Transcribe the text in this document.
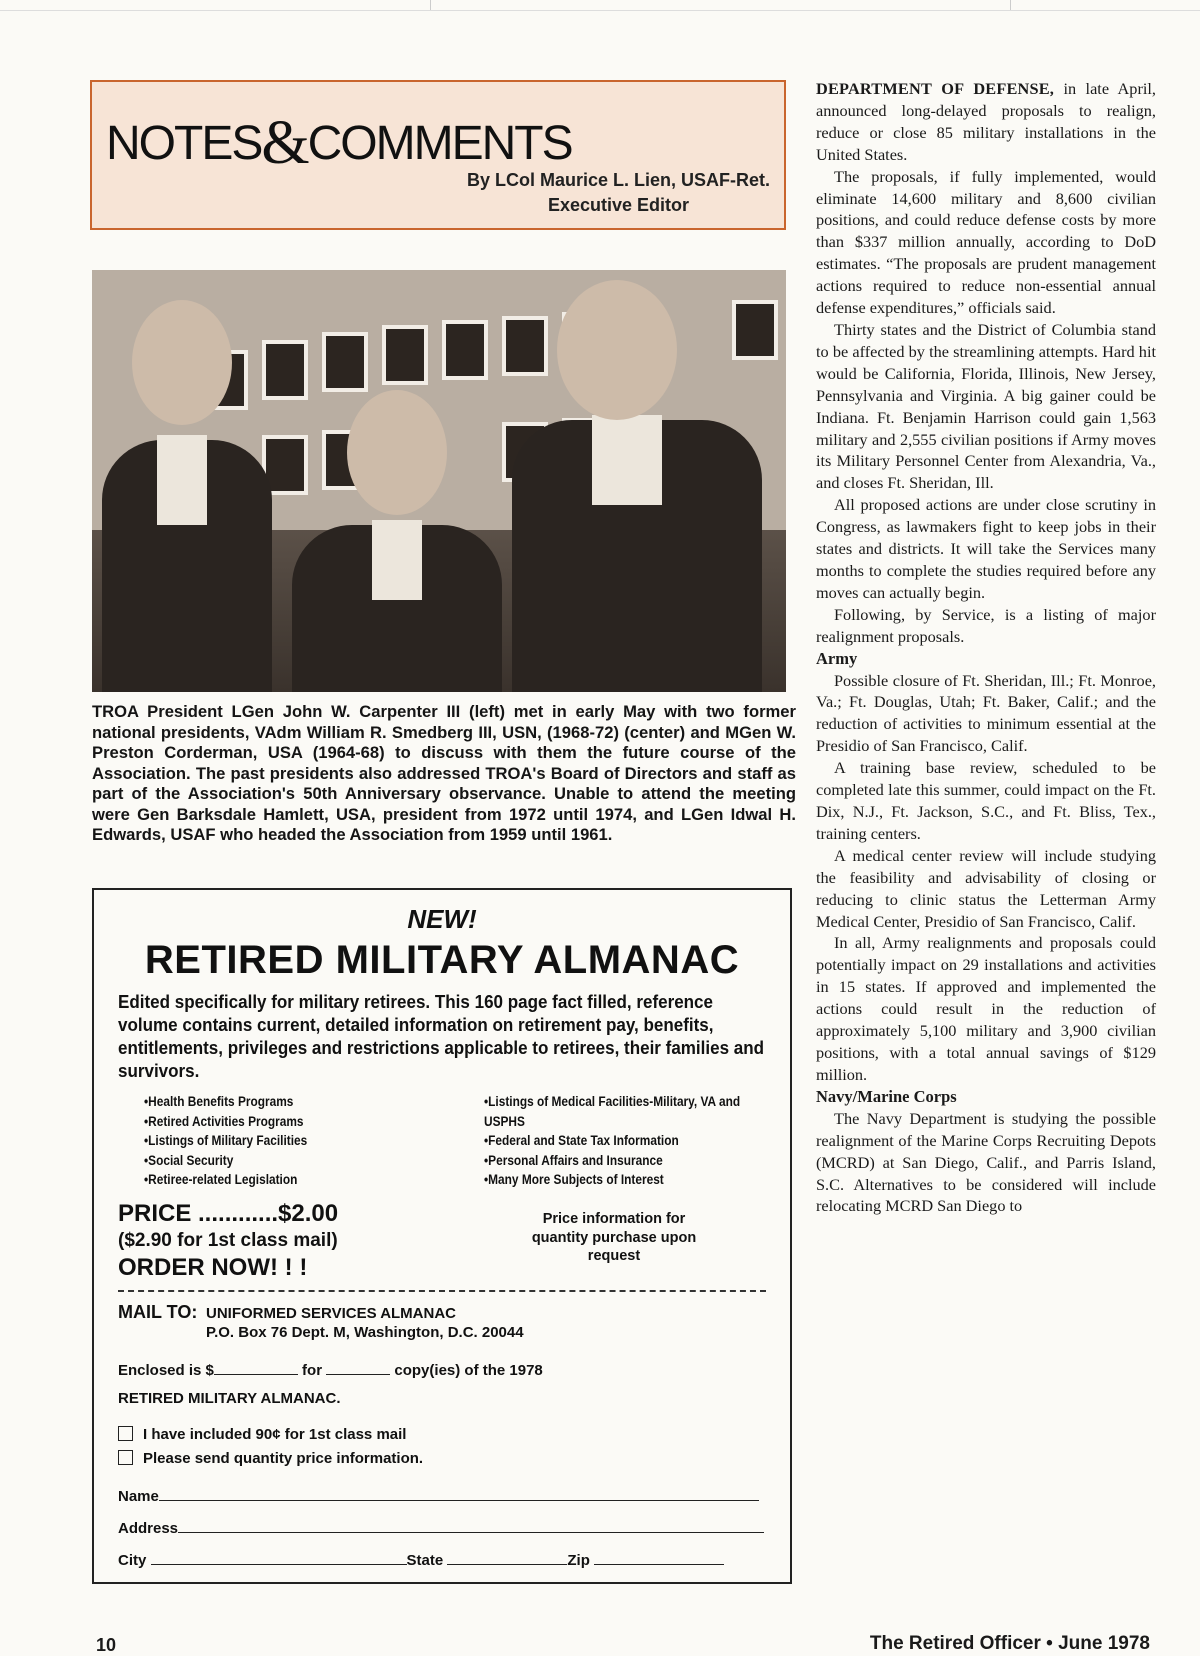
NOTES&COMMENTS
By LCol Maurice L. Lien, USAF-Ret.
Executive Editor
TROA President LGen John W. Carpenter III (left) met in early May with two former national presidents, VAdm William R. Smedberg III, USN, (1968-72) (center) and MGen W. Preston Corderman, USA (1964-68) to discuss with them the future course of the Association. The past presidents also addressed TROA's Board of Directors and staff as part of the Association's 50th Anniversary observance. Unable to attend the meeting were Gen Barksdale Hamlett, USA, president from 1972 until 1974, and LGen Idwal H. Edwards, USAF who headed the Association from 1959 until 1961.
NEW!
RETIRED MILITARY ALMANAC
Edited specifically for military retirees. This 160 page fact filled, reference volume contains current, detailed information on retirement pay, benefits, entitlements, privileges and restrictions applicable to retirees, their families and survivors.
• Health Benefits Programs
• Retired Activities Programs
• Listings of Military Facilities
• Social Security
• Retiree-related Legislation
• Listings of Medical Facilities-Military, VA and USPHS
• Federal and State Tax Information
• Personal Affairs and Insurance
• Many More Subjects of Interest
PRICE ............$2.00
($2.90 for 1st class mail)
ORDER NOW! ! !
Price information for quantity purchase upon request
MAIL TO: UNIFORMED SERVICES ALMANAC
P.O. Box 76 Dept. M, Washington, D.C. 20044
Enclosed is $	for	copy(ies) of the 1978
RETIRED MILITARY ALMANAC.
I have included 90¢ for 1st class mail
Please send quantity price information.
Name
Address
City	State	Zip

DEPARTMENT OF DEFENSE, in late April, announced long-delayed proposals to realign, reduce or close 85 military installations in the United States.

The proposals, if fully implemented, would eliminate 14,600 military and 8,600 civilian positions, and could reduce defense costs by more than $337 million annually, according to DoD estimates. “The proposals are prudent management actions required to reduce non-essential annual defense expenditures,” officials said.

Thirty states and the District of Columbia stand to be affected by the streamlining attempts. Hard hit would be California, Florida, Illinois, New Jersey, Pennsylvania and Virginia. A big gainer could be Indiana. Ft. Benjamin Harrison could gain 1,563 military and 2,555 civilian positions if Army moves its Military Personnel Center from Alexandria, Va., and closes Ft. Sheridan, Ill.

All proposed actions are under close scrutiny in Congress, as lawmakers fight to keep jobs in their states and districts. It will take the Services many months to complete the studies required before any moves can actually begin.

Following, by Service, is a listing of major realignment proposals.

Army

Possible closure of Ft. Sheridan, Ill.; Ft. Monroe, Va.; Ft. Douglas, Utah; Ft. Baker, Calif.; and the reduction of activities to minimum essential at the Presidio of San Francisco, Calif.

A training base review, scheduled to be completed late this summer, could impact on the Ft. Dix, N.J., Ft. Jackson, S.C., and Ft. Bliss, Tex., training centers.

A medical center review will include studying the feasibility and advisability of closing or reducing to clinic status the Letterman Army Medical Center, Presidio of San Francisco, Calif.

In all, Army realignments and proposals could potentially impact on 29 installations and activities in 15 states. If approved and implemented the actions could result in the reduction of approximately 5,100 military and 3,900 civilian positions, with a total annual savings of $129 million.

Navy/Marine Corps

The Navy Department is studying the possible realignment of the Marine Corps Recruiting Depots (MCRD) at San Diego, Calif., and Parris Island, S.C. Alternatives to be considered will include relocating MCRD San Diego to

10	The Retired Officer • June 1978
